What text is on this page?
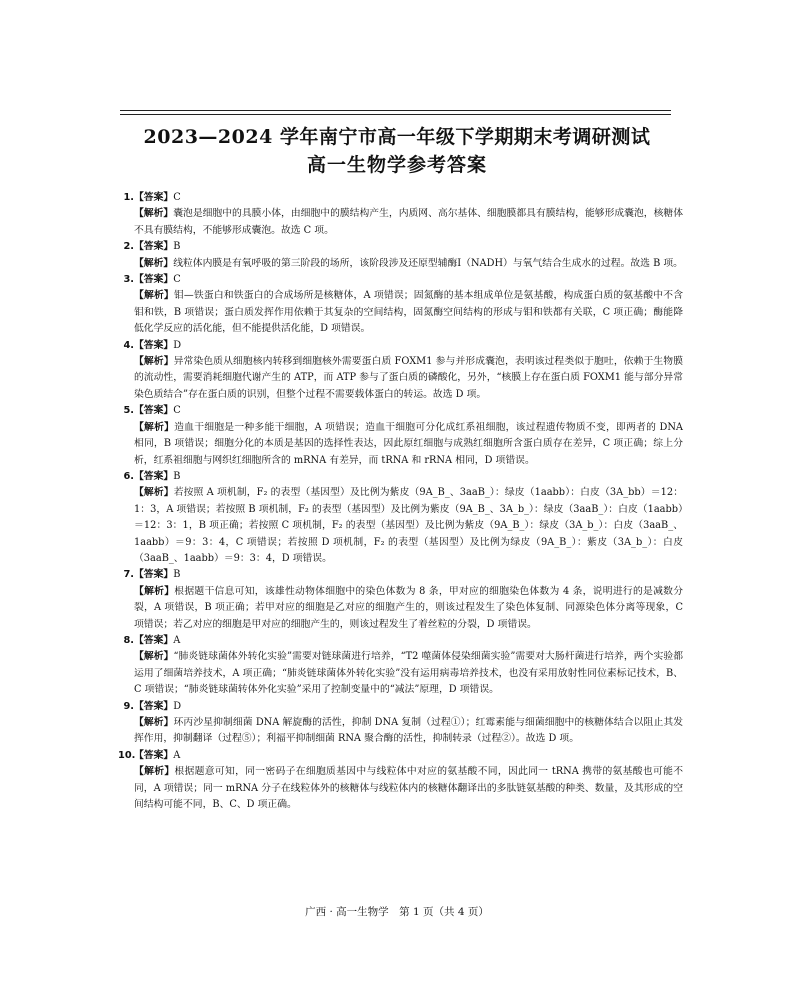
2023—2024 学年南宁市高一年级下学期期末考调研测试
高一生物学参考答案
1.【答案】C
【解析】囊泡是细胞中的具膜小体，由细胞中的膜结构产生，内质网、高尔基体、细胞膜都具有膜结构，能够形成囊泡，核糖体不具有膜结构，不能够形成囊泡。故选 C 项。
2.【答案】B
【解析】线粒体内膜是有氧呼吸的第三阶段的场所，该阶段涉及还原型辅酶Ⅰ（NADH）与氧气结合生成水的过程。故选 B 项。
3.【答案】C
【解析】钼—铁蛋白和铁蛋白的合成场所是核糖体，A 项错误；固氮酶的基本组成单位是氨基酸，构成蛋白质的氨基酸中不含钼和铁，B 项错误；蛋白质发挥作用依赖于其复杂的空间结构，固氮酶空间结构的形成与钼和铁都有关联，C 项正确；酶能降低化学反应的活化能，但不能提供活化能，D 项错误。
4.【答案】D
【解析】异常染色质从细胞核内转移到细胞核外需要蛋白质 FOXM1 参与并形成囊泡，表明该过程类似于胞吐，依赖于生物膜的流动性，需要消耗细胞代谢产生的 ATP，而 ATP 参与了蛋白质的磷酸化，另外，“核膜上存在蛋白质 FOXM1 能与部分异常染色质结合”存在蛋白质的识别，但整个过程不需要载体蛋白的转运。故选 D 项。
5.【答案】C
【解析】造血干细胞是一种多能干细胞，A 项错误；造血干细胞可分化成红系祖细胞，该过程遗传物质不变，即两者的 DNA 相同，B 项错误；细胞分化的本质是基因的选择性表达，因此原红细胞与成熟红细胞所含蛋白质存在差异，C 项正确；综上分析，红系祖细胞与网织红细胞所含的 mRNA 有差异，而 tRNA 和 rRNA 相同，D 项错误。
6.【答案】B
【解析】若按照 A 项机制，F₂ 的表型（基因型）及比例为紫皮（9A_B_、3aaB_）：绿皮（1aabb）：白皮（3A_bb）＝12：1：3，A 项错误；若按照 B 项机制，F₂ 的表型（基因型）及比例为紫皮（9A_B_、3A_b_）：绿皮（3aaB_）：白皮（1aabb）＝12：3：1，B 项正确；若按照 C 项机制，F₂ 的表型（基因型）及比例为紫皮（9A_B_）：绿皮（3A_b_）：白皮（3aaB_、1aabb）＝9：3：4，C 项错误；若按照 D 项机制，F₂ 的表型（基因型）及比例为绿皮（9A_B_）：紫皮（3A_b_）：白皮（3aaB_、1aabb）＝9：3：4，D 项错误。
7.【答案】B
【解析】根据题干信息可知，该雄性动物体细胞中的染色体数为 8 条，甲对应的细胞染色体数为 4 条，说明进行的是减数分裂，A 项错误，B 项正确；若甲对应的细胞是乙对应的细胞产生的，则该过程发生了染色体复制、同源染色体分离等现象，C 项错误；若乙对应的细胞是甲对应的细胞产生的，则该过程发生了着丝粒的分裂，D 项错误。
8.【答案】A
【解析】“肺炎链球菌体外转化实验”需要对链球菌进行培养，“T2 噬菌体侵染细菌实验”需要对大肠杆菌进行培养，两个实验都运用了细菌培养技术，A 项正确；“肺炎链球菌体外转化实验”没有运用病毒培养技术，也没有采用放射性同位素标记技术，B、C 项错误；“肺炎链球菌转体外化实验”采用了控制变量中的“减法”原理，D 项错误。
9.【答案】D
【解析】环丙沙星抑制细菌 DNA 解旋酶的活性，抑制 DNA 复制（过程①）；红霉素能与细菌细胞中的核糖体结合以阻止其发挥作用，抑制翻译（过程⑤）；利福平抑制细菌 RNA 聚合酶的活性，抑制转录（过程②）。故选 D 项。
10.【答案】A
【解析】根据题意可知，同一密码子在细胞质基因中与线粒体中对应的氨基酸不同，因此同一 tRNA 携带的氨基酸也可能不同，A 项错误；同一 mRNA 分子在线粒体外的核糖体与线粒体内的核糖体翻译出的多肽链氨基酸的种类、数量，及其形成的空间结构可能不同，B、C、D 项正确。
广西 · 高一生物学　第 1 页（共 4 页）
